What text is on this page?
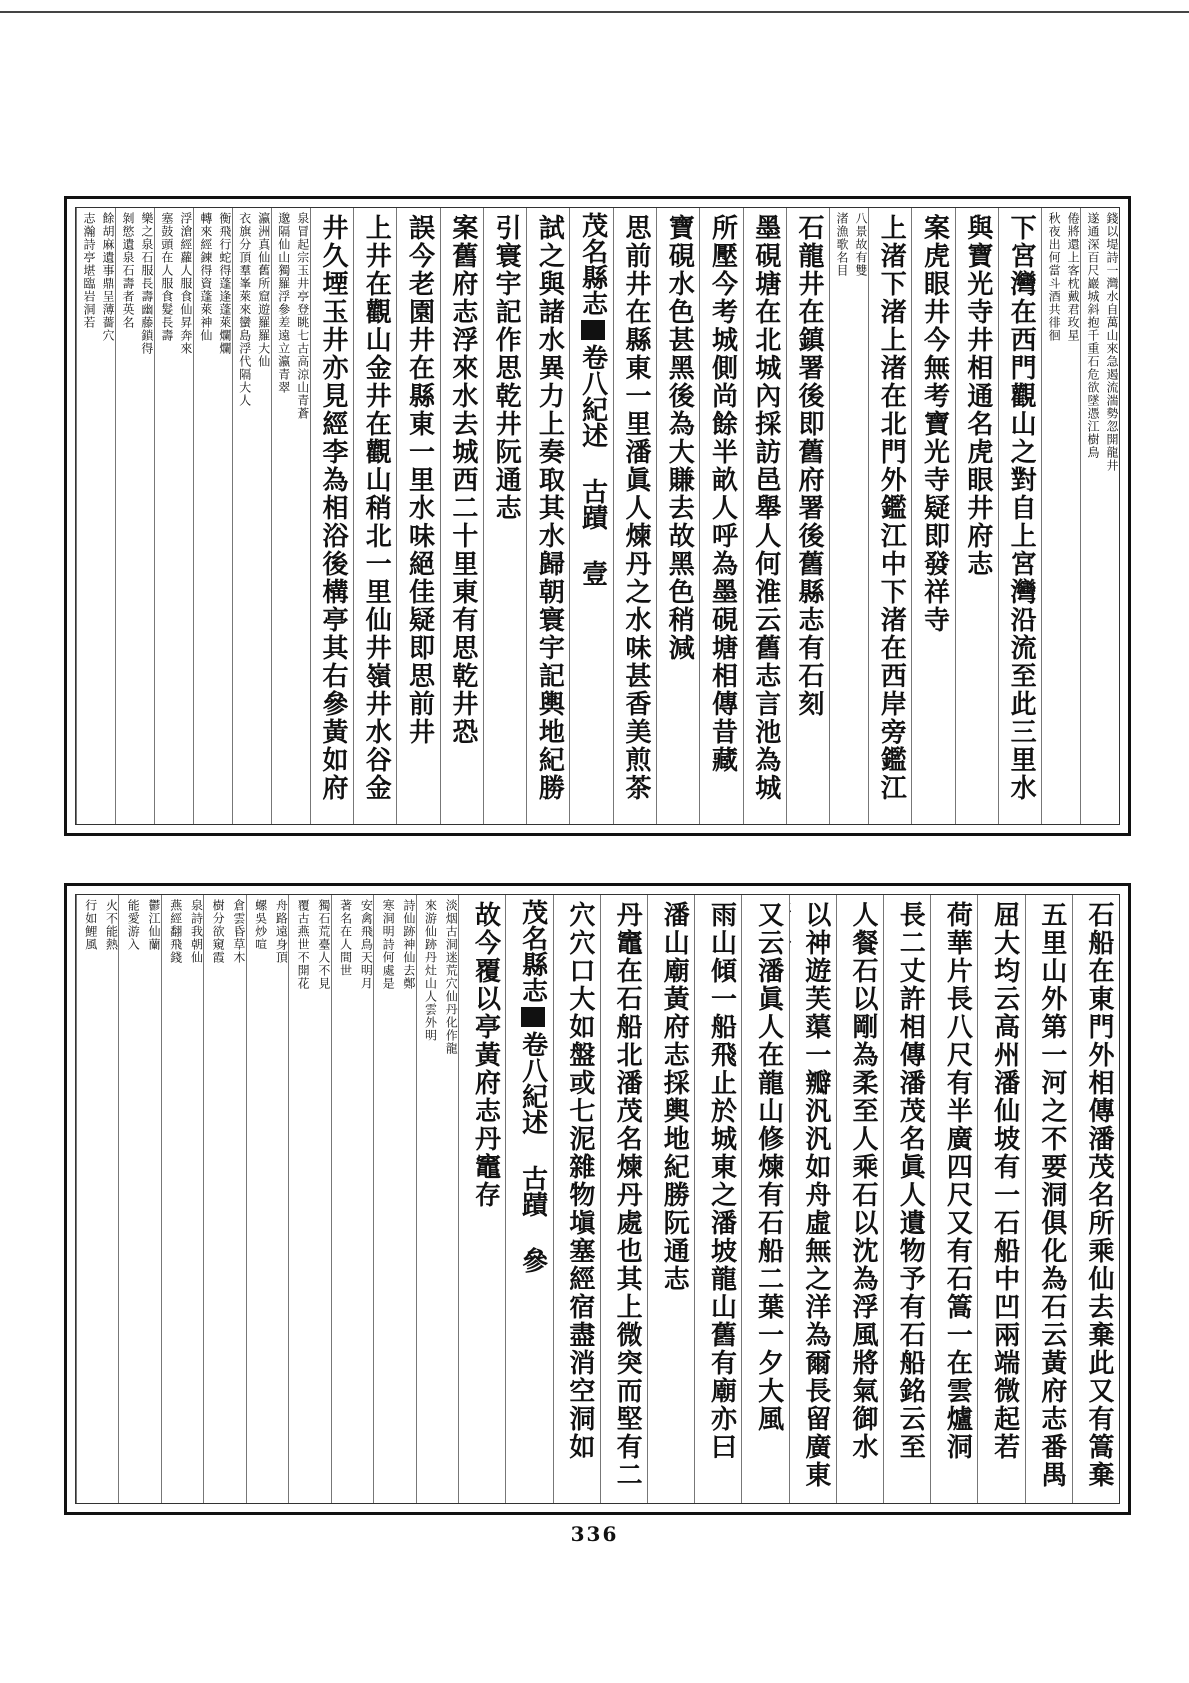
錢以堤詩一灣水自萬山來急遏流湍勢忽開龍井
遂通深百尺巖城斜抱千重石危欲墜憑江樹鳥
倦將還上客枕戴君玫星
秋夜出何當斗酒共徘徊
下宮灣在西門觀山之對自上宮灣沿流至此三里水
與寶光寺井相通名虎眼井府志
案虎眼井今無考寶光寺疑即發祥寺
上渚下渚上渚在北門外鑑江中下渚在西岸旁鑑江
八景故有雙
渚漁歌名目
石龍井在鎮署後即舊府署後舊縣志有石刻
墨硯塘在北城內採訪邑舉人何淮云舊志言池為城
所壓今考城側尚餘半畝人呼為墨硯塘相傳昔藏
寶硯水色甚黑後為大賺去故黑色稍減
思前井在縣東一里潘眞人煉丹之水味甚香美煎茶
茂名縣志卷八紀述 古蹟 壹
試之與諸水異力上奏取其水歸朝寰宇記輿地紀勝
引寰宇記作思乾井阮通志
案舊府志浮來水去城西二十里東有思乾井恐
誤今老園井在縣東一里水味絕佳疑即思前井
上井在觀山金井在觀山稍北一里仙井嶺井水谷金
井久堙玉井亦見經李為相浴後構亭其右參黃如府
泉冒起宗玉井亭登眺七古高涼山青蒼
邈隔仙山獨羅浮參差遠立瀛青翠
瀛洲真仙舊所窟遊羅羅大仙
衣旗分頂羣峯萊來蠻島浮代隔大人
衡飛行蛇得蓬逢蓬萊爛爛
轉來經錬得資蓬萊神仙
浮滄經蘿人服食仙昇奔來
塞鼓頭在人服食髮長壽
樂之泉石服長壽幽藤鎖得
剝慾遺泉石壽者英名
餘胡麻遺事鼎呈薄薔穴
志瀚詩亭堪臨岩洞若
石船在東門外相傳潘茂名所乘仙去棄此又有篙棄
五里山外第一河之不要洞俱化為石云黃府志番禺
屈大均云高州潘仙坡有一石船中凹兩端微起若
荷華片長八尺有半廣四尺又有石篙一在雲爐洞
長二丈許相傳潘茂名眞人遺物予有石船銘云至
人餐石以剛為柔至人乘石以沈為浮風將氣御水
以神遊芙蕖一瓣汎汎如舟虛無之洋為爾長留廣東
又云潘眞人在龍山修煉有石船二葉一夕大風
雨山傾一船飛止於城東之潘坡龍山舊有廟亦曰
潘山廟黃府志採輿地紀勝阮通志
丹竈在石船北潘茂名煉丹處也其上微突而堅有二
穴穴口大如盤或七泥雜物塡塞經宿盡消空洞如
茂名縣志卷八紀述 古蹟 參
故今覆以亭黃府志丹竈存
淡烟古洞迷荒穴仙丹化作龍
來游仙跡丹灶山人雲外明
詩仙跡神仙去鄭
寒洞明詩何處是
安禽飛鳥天明月
著名在人間世
獨石荒臺人不見
覆古燕世不開花
舟路遠身頂
螺吳炒喧
倉雲昏草木
樹分欲窺霞
泉詩我朝仙
燕經翻飛錢
鬱江仙蘭
能愛游入
火不能熱
行如鯉風
336
